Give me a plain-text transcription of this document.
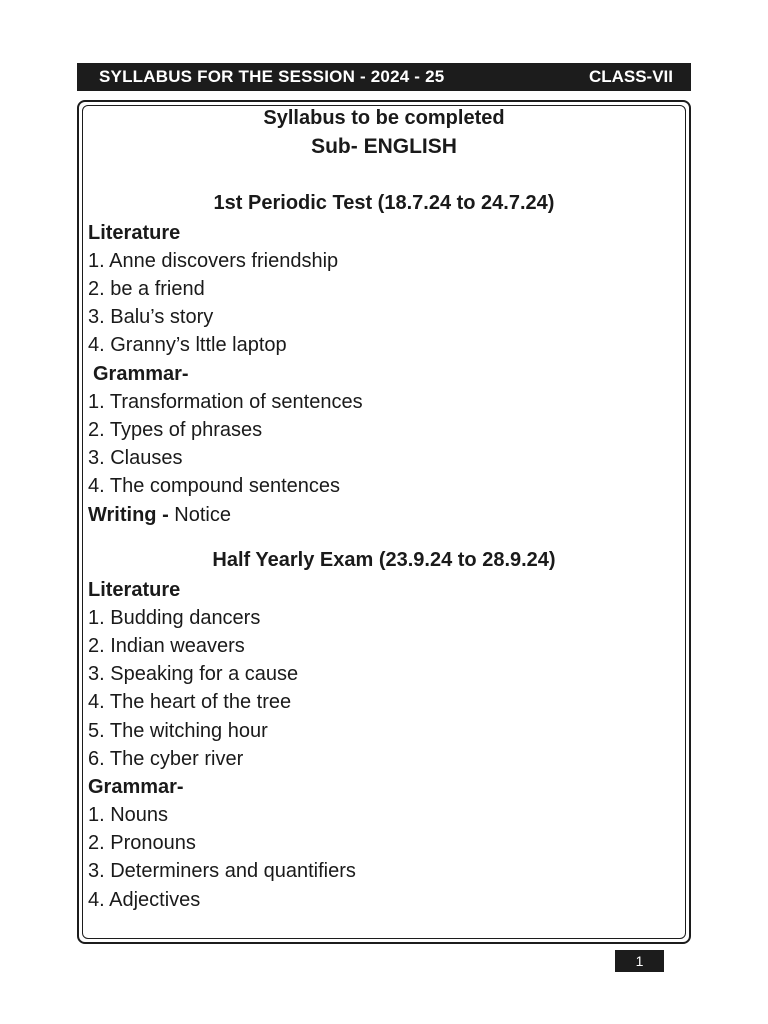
SYLLABUS FOR THE SESSION - 2024 - 25	CLASS-VII
Syllabus to be completed
Sub- ENGLISH
1st Periodic Test (18.7.24 to 24.7.24)
Literature
1. Anne discovers friendship
2. be a friend
3. Balu’s story
4. Granny’s lttle laptop
Grammar-
1. Transformation of sentences
2. Types of phrases
3. Clauses
4. The compound sentences
Writing - Notice
Half Yearly Exam (23.9.24 to 28.9.24)
Literature
1. Budding dancers
2. Indian weavers
3. Speaking for a cause
4. The heart of the tree
5. The witching hour
6. The cyber river
Grammar-
1. Nouns
2. Pronouns
3. Determiners and quantifiers
4. Adjectives
1
